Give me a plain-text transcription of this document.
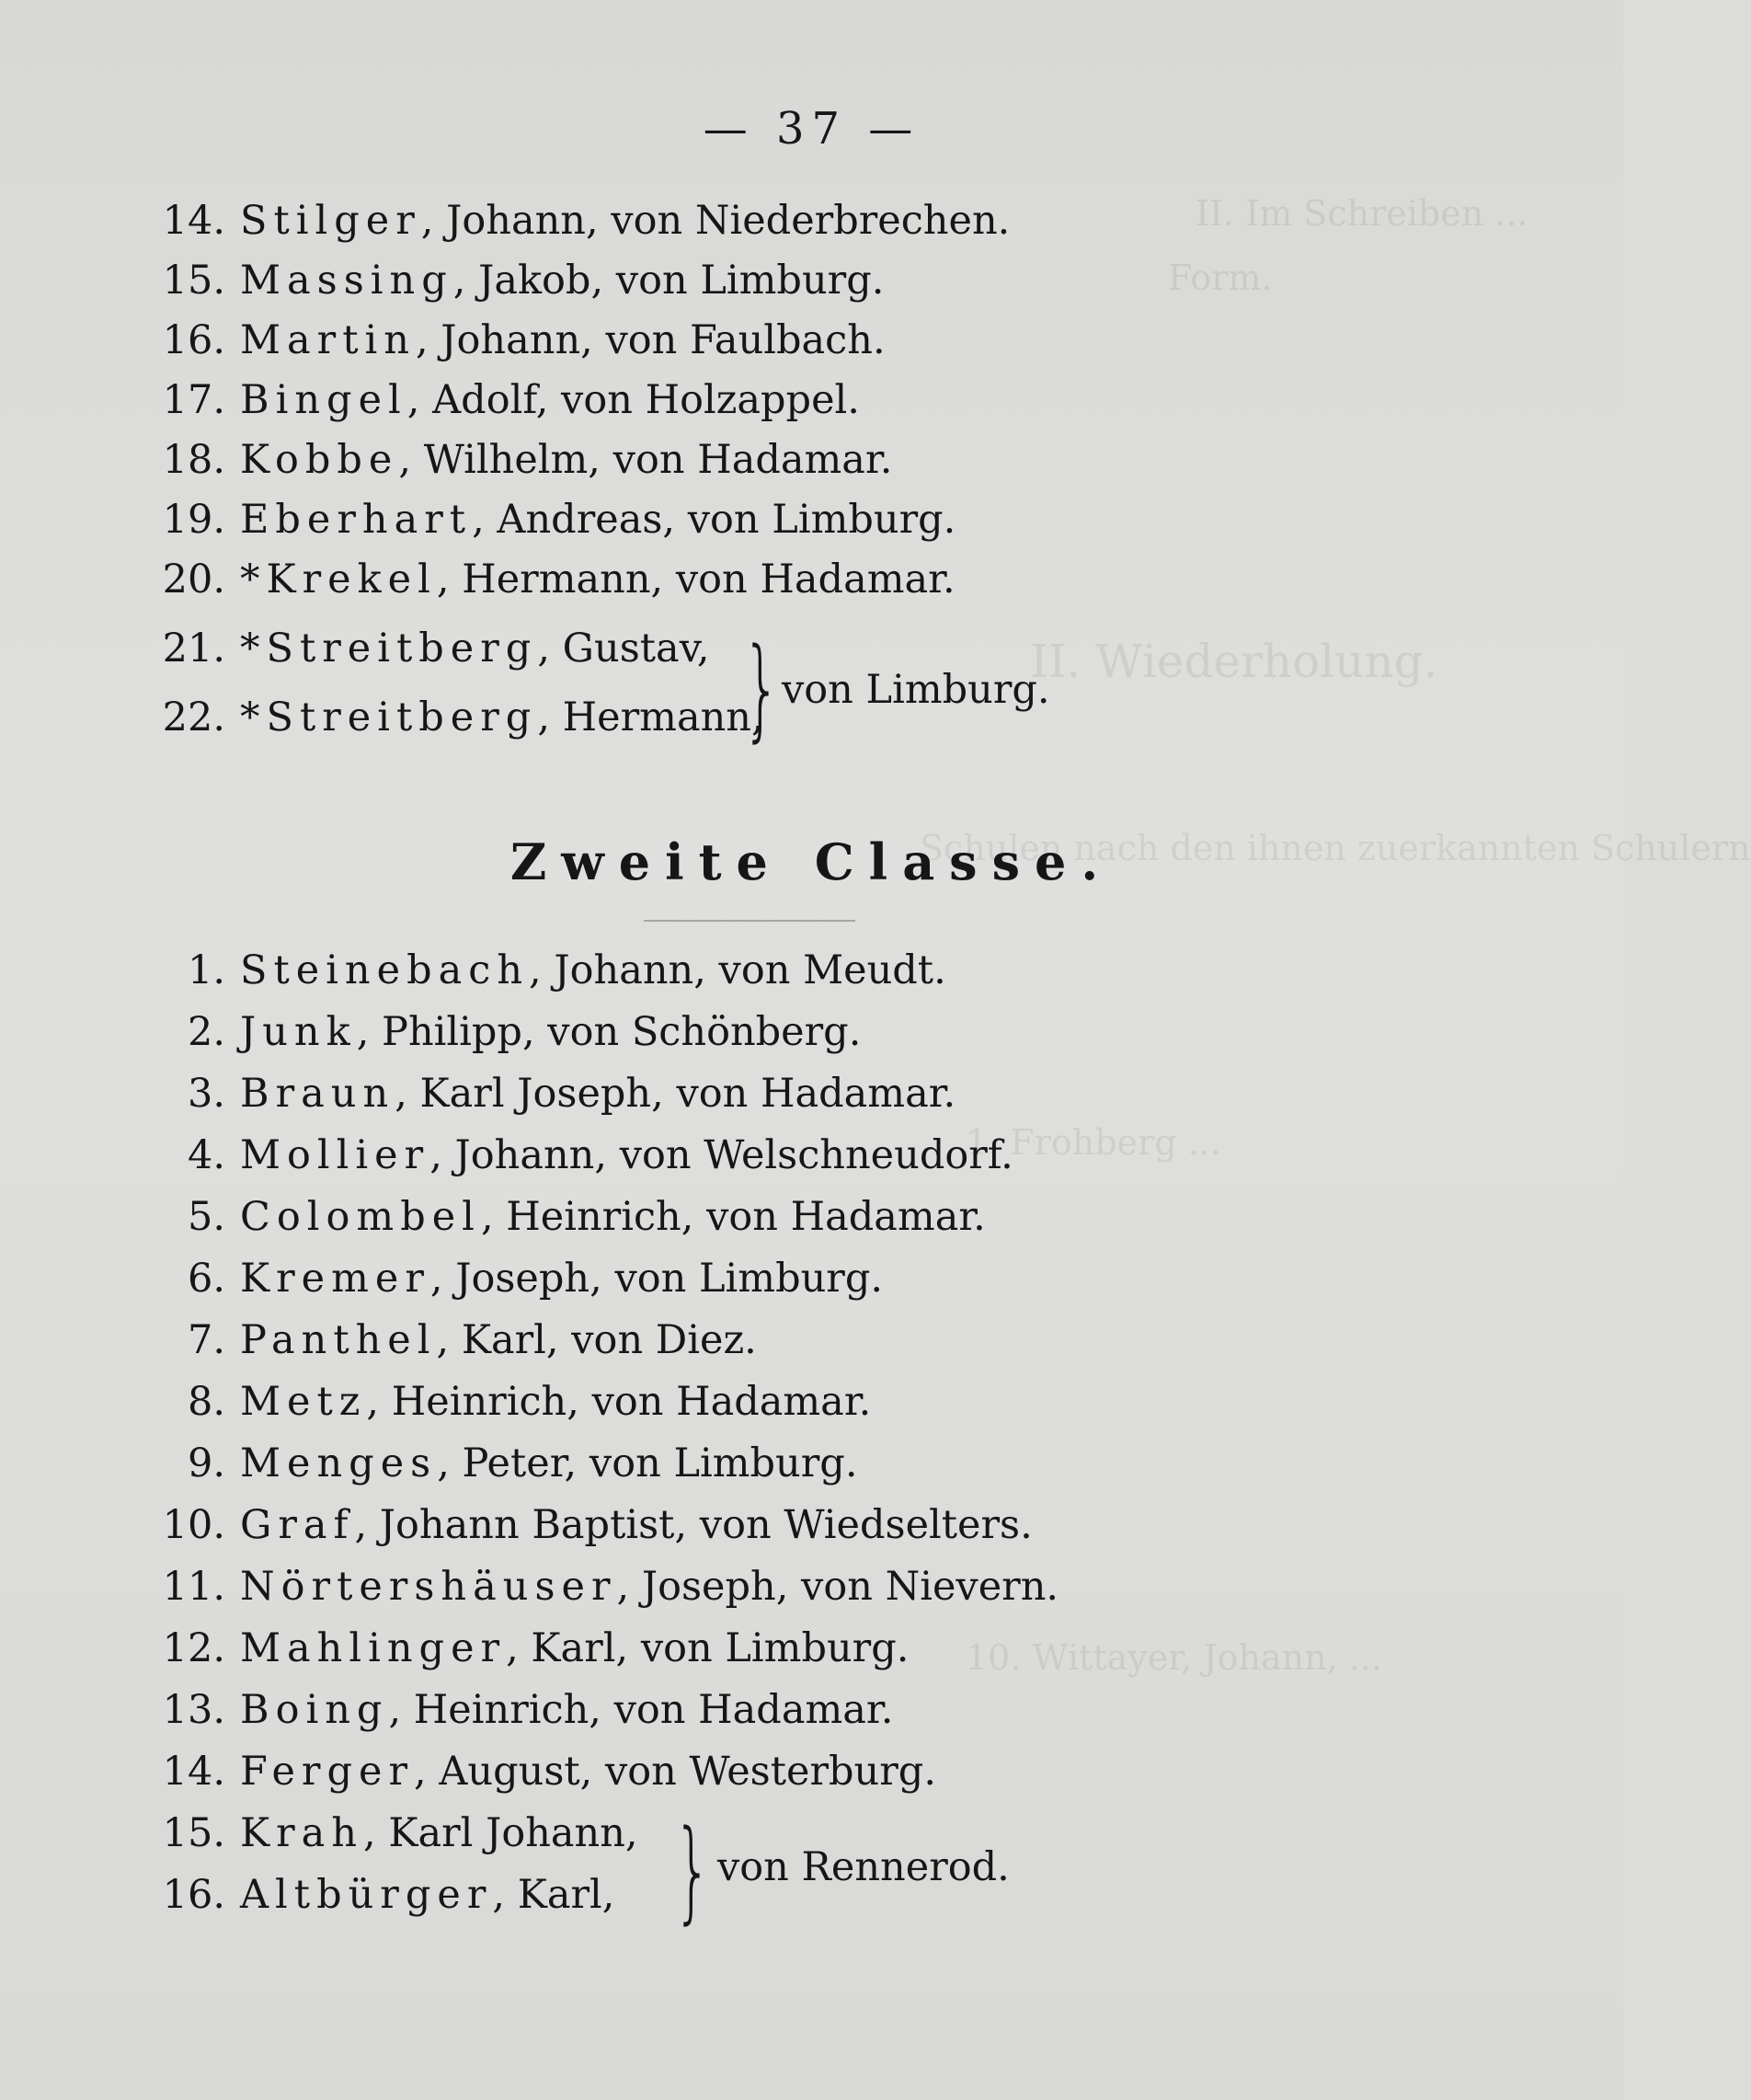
II. Im Schreiben ...
Form.
II. Wiederholung.
Schulen nach den ihnen zuerkannten Schulern
1. Frohberg ...
10. Wittayer, Johann, ...
— 37 —
14. Stilger , Johann, von Niederbrechen.
15. Massing , Jakob, von Limburg.
16. Martin , Johann, von Faulbach.
17. Bingel , Adolf, von Holzappel.
18. Kobbe , Wilhelm, von Hadamar.
19. Eberhart , Andreas, von Limburg.
20. *Krekel , Hermann, von Hadamar.
21. *Streitberg , Gustav,
22. *Streitberg , Hermann,
} von Limburg.
Zweite Classe.
1. Steinebach , Johann, von Meudt.
2. Junk , Philipp, von Schönberg.
3. Braun , Karl Joseph, von Hadamar.
4. Mollier , Johann, von Welschneudorf.
5. Colombel , Heinrich, von Hadamar.
6. Kremer , Joseph, von Limburg.
7. Panthel , Karl, von Diez.
8. Metz , Heinrich, von Hadamar.
9. Menges , Peter, von Limburg.
10. Graf , Johann Baptist, von Wiedselters.
11. Nörtershäuser , Joseph, von Nievern.
12. Mahlinger , Karl, von Limburg.
13. Boing , Heinrich, von Hadamar.
14. Ferger , August, von Westerburg.
15. Krah , Karl Johann,
16. Altbürger , Karl, } von Rennerod.
